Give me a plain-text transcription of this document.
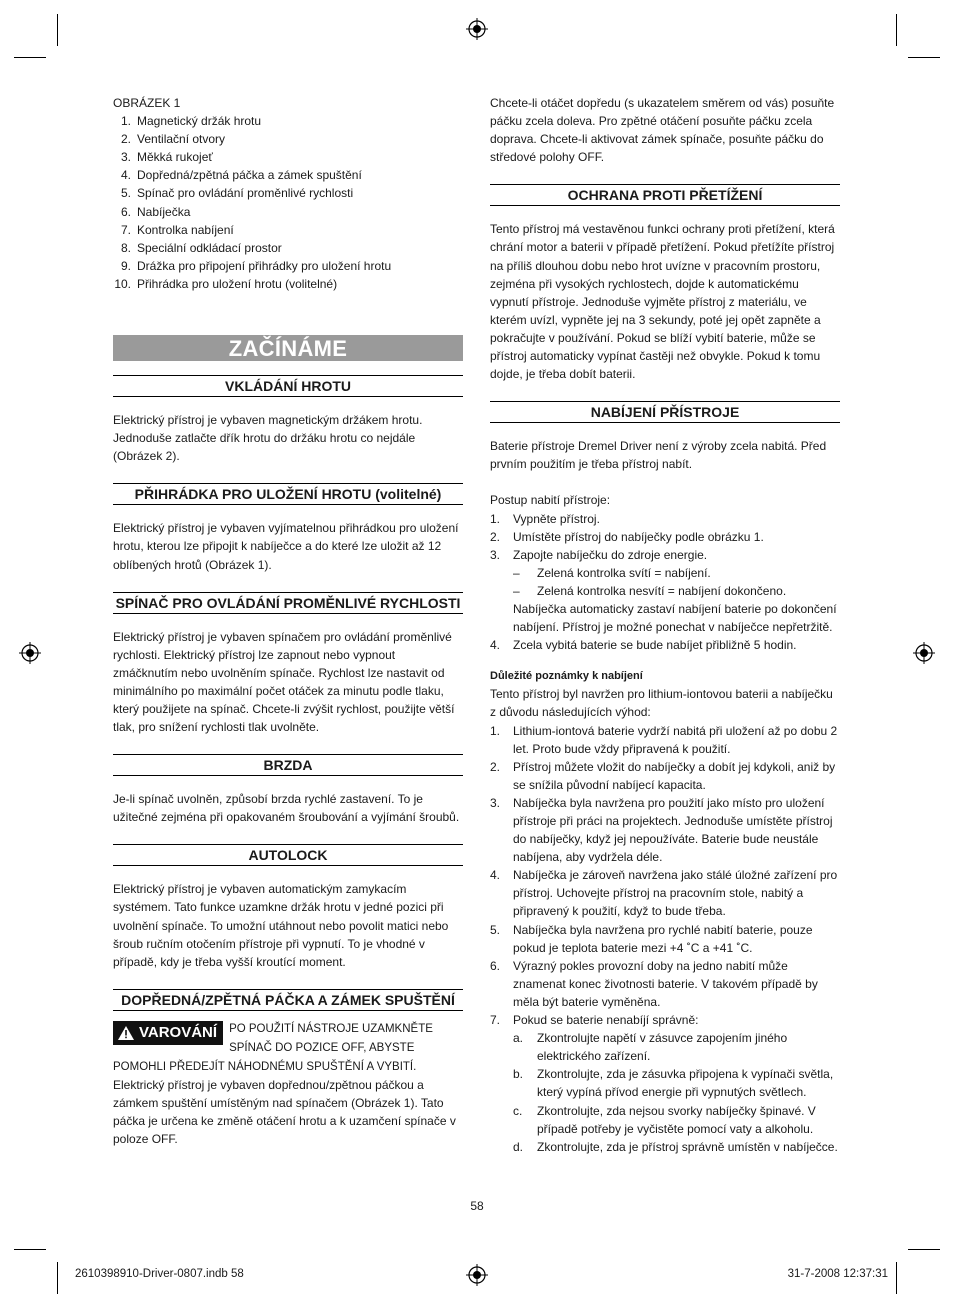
OBRÁZEK 1

1. Magnetický držák hrotu
2. Ventilační otvory
3. Měkká rukojeť
4. Dopředná/zpětná páčka a zámek spuštění
5. Spínač pro ovládání proměnlivé rychlosti
6. Nabíječka
7. Kontrolka nabíjení
8. Speciální odkládací prostor
9. Drážka pro připojení přihrádky pro uložení hrotu
10. Přihrádka pro uložení hrotu (volitelné)
ZAČÍNÁME
VKLÁDÁNÍ HROTU

Elektrický přístroj je vybaven magnetickým držákem hrotu. Jednoduše zatlačte dřík hrotu do držáku hrotu co nejdále (Obrázek 2).

PŘIHRÁDKA PRO ULOŽENÍ HROTU (volitelné)

Elektrický přístroj je vybaven vyjímatelnou přihrádkou pro uložení hrotu, kterou lze připojit k nabíječce a do které lze uložit až 12 oblíbených hrotů (Obrázek 1).

SPÍNAČ PRO OVLÁDÁNÍ PROMĚNLIVÉ RYCHLOSTI

Elektrický přístroj je vybaven spínačem pro ovládání proměnlivé rychlosti. Elektrický přístroj lze zapnout nebo vypnout zmáčknutím nebo uvolněním spínače. Rychlost lze nastavit od minimálního po maximální počet otáček za minutu podle tlaku, který použijete na spínač. Chcete-li zvýšit rychlost, použijte větší tlak, pro snížení rychlosti tlak uvolněte.

BRZDA

Je-li spínač uvolněn, způsobí brzda rychlé zastavení. To je užitečné zejména při opakovaném šroubování a vyjímání šroubů.

AUTOLOCK

Elektrický přístroj je vybaven automatickým zamykacím systémem. Tato funkce uzamkne držák hrotu v jedné pozici při uvolnění spínače. To umožní utáhnout nebo povolit matici nebo šroub ručním otočením přístroje při vypnutí. To je vhodné v případě, kdy je třeba vyšší kroutící moment.

DOPŘEDNÁ/ZPĚTNÁ PÁČKA A ZÁMEK SPUŠTĚNÍ
VAROVÁNÍ PO POUŽITÍ NÁSTROJE UZAMKNĚTE SPÍNAČ DO POZICE OFF, ABYSTE POMOHLI PŘEDEJÍT NÁHODNÉMU SPUŠTĚNÍ A VYBITÍ.

Elektrický přístroj je vybaven dopřednou/zpětnou páčkou a zámkem spuštění umístěným nad spínačem (Obrázek 1). Tato páčka je určena ke změně otáčení hrotu a k uzamčení spínače v poloze OFF.

Chcete-li otáčet dopředu (s ukazatelem směrem od vás) posuňte páčku zcela doleva. Pro zpětné otáčení posuňte páčku zcela doprava. Chcete-li aktivovat zámek spínače, posuňte páčku do středové polohy OFF.

OCHRANA PROTI PŘETÍŽENÍ

Tento přístroj má vestavěnou funkci ochrany proti přetížení, která chrání motor a baterii v případě přetížení. Pokud přetížíte přístroj na příliš dlouhou dobu nebo hrot uvízne v pracovním prostoru, zejména při vysokých rychlostech, dojde k automatickému vypnutí přístroje. Jednoduše vyjměte přístroj z materiálu, ve kterém uvízl, vypněte jej na 3 sekundy, poté jej opět zapněte a pokračujte v používání. Pokud se blíží vybití baterie, může se přístroj automaticky vypínat častěji než obvykle. Pokud k tomu dojde, je třeba dobít baterii.

NABÍJENÍ PŘÍSTROJE

Baterie přístroje Dremel Driver není z výroby zcela nabitá. Před prvním použitím je třeba přístroj nabít.

Postup nabití přístroje:

1.	Vypněte přístroj.
2.	Umístěte přístroj do nabíječky podle obrázku 1.
3.	Zapojte nabíječku do zdroje energie.
–	Zelená kontrolka svítí = nabíjení.
–	Zelená kontrolka nesvítí = nabíjení dokončeno.
Nabíječka automaticky zastaví nabíjení baterie po dokončení nabíjení. Přístroj je možné ponechat v nabíječce nepřetržitě.
4.	Zcela vybitá baterie se bude nabíjet přibližně 5 hodin.

Důležité poznámky k nabíjení

Tento přístroj byl navržen pro lithium-iontovou baterii a nabíječku z důvodu následujících výhod:

1.	Lithium-iontová baterie vydrží nabitá při uložení až po dobu 2 let. Proto bude vždy připravená k použití.
2.	Přístroj můžete vložit do nabíječky a dobít jej kdykoli, aniž by se snížila původní nabíjecí kapacita.
3.	Nabíječka byla navržena pro použití jako místo pro uložení přístroje při práci na projektech. Jednoduše umístěte přístroj do nabíječky, když jej nepoužíváte. Baterie bude neustále nabíjena, aby vydržela déle.
4.	Nabíječka je zároveň navržena jako stálé úložné zařízení pro přístroj. Uchovejte přístroj na pracovním stole, nabitý a připravený k použití, když to bude třeba.
5.	Nabíječka byla navržena pro rychlé nabití baterie, pouze pokud je teplota baterie mezi +4 ˚C a +41 ˚C.
6.	Výrazný pokles provozní doby na jedno nabití může znamenat konec životnosti baterie. V takovém případě by měla být baterie vyměněna.
7.	Pokud se baterie nenabíjí správně:
a.	Zkontrolujte napětí v zásuvce zapojením jiného elektrického zařízení.
b.	Zkontrolujte, zda je zásuvka připojena k vypínači světla, který vypíná přívod energie při vypnutých světlech.
c.	Zkontrolujte, zda nejsou svorky nabíječky špinavé. V případě potřeby je vyčistěte pomocí vaty a alkoholu.
d.	Zkontrolujte, zda je přístroj správně umístěn v nabíječce.
58
2610398910-Driver-0807.indb 58	31-7-2008 12:37:31
